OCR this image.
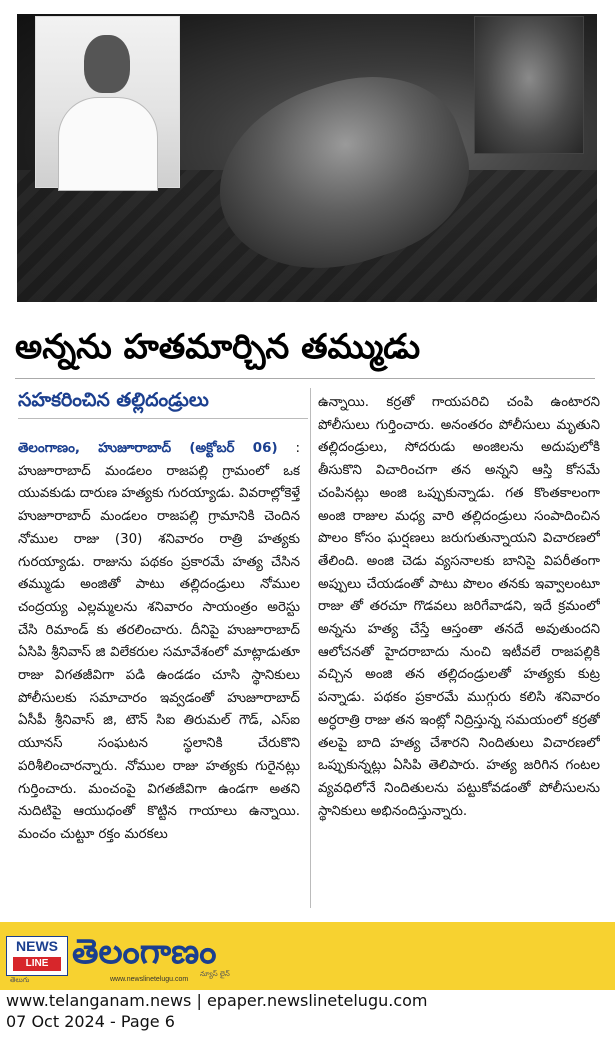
అన్నను హతమార్చిన తమ్ముడు
సహకరించిన తల్లిదండ్రులు
తెలంగాణం, హుజూరాబాద్ (అక్టోబర్ 06) : హుజూరాబాద్ మండలం రాజపల్లి గ్రామంలో ఒక యువకుడు దారుణ హత్యకు గురయ్యాడు. వివరాల్లోకెళ్తే హుజూరాబాద్ మండలం రాజపల్లి గ్రామానికి చెందిన నోముల రాజు (30) శనివారం రాత్రి హత్యకు గురయ్యాడు. రాజును పథకం ప్రకారమే హత్య చేసిన తమ్ముడు అంజితో పాటు తల్లిదండ్రులు నోముల చంద్రయ్య ఎల్లమ్మలను శనివారం సాయంత్రం అరెస్టు చేసి రిమాండ్ కు తరలించారు. దీనిపై హుజూరాబాద్ ఏసిపి శ్రీనివాస్ జి విలేకరుల సమావేశంలో మాట్లాడుతూ రాజు విగతజీవిగా పడి ఉండడం చూసి స్థానికులు పోలీసులకు సమాచారం ఇవ్వడంతో హుజూరాబాద్ ఏసీపీ శ్రీనివాస్ జి, టౌన్ సిఐ తిరుమల్ గౌడ్, ఎస్ఐ యూనస్ సంఘటన స్థలానికి చేరుకొని పరిశీలించారన్నారు. నోముల రాజు హత్యకు గురైనట్లు గుర్తించారు. మంచంపై విగతజీవిగా ఉండగా అతని నుదిటిపై ఆయుధంతో కొట్టిన గాయాలు ఉన్నాయి. మంచం చుట్టూ రక్తం మరకలు
ఉన్నాయి. కర్రతో గాయపరిచి చంపి ఉంటారని పోలీసులు గుర్తించారు. అనంతరం పోలీసులు మృతుని తల్లిదండ్రులు, సోదరుడు అంజిలను అదుపులోకి తీసుకొని విచారించగా తన అన్నని ఆస్తి కోసమే చంపినట్లు అంజి ఒప్పుకున్నాడు. గత కొంతకాలంగా అంజి రాజుల మధ్య వారి తల్లిదండ్రులు సంపాదించిన పొలం కోసం ఘర్షణలు జరుగుతున్నాయని విచారణలో తేలింది. అంజి చెడు వ్యసనాలకు బానిసై విపరీతంగా అప్పులు చేయడంతో పాటు పొలం తనకు ఇవ్వాలంటూ రాజు తో తరచూ గొడవలు జరిగేవాడని, ఇదే క్రమంలో అన్నను హత్య చేస్తే ఆస్తంతా తనదే అవుతుందని ఆలోచనతో హైదరాబాదు నుంచి ఇటీవలే రాజపల్లికి వచ్చిన అంజి తన తల్లిదండ్రులతో హత్యకు కుట్ర పన్నాడు. పథకం ప్రకారమే ముగ్గురు కలిసి శనివారం అర్ధరాత్రి రాజు తన ఇంట్లో నిద్రిస్తున్న సమయంలో కర్రతో తలపై బాది హత్య చేశారని నిందితులు విచారణలో ఒప్పుకున్నట్లు ఏసిపి తెలిపారు. హత్య జరిగిన గంటల వ్యవధిలోనే నిందితులను పట్టుకోవడంతో పోలీసులను స్థానికులు అభినందిస్తున్నారు.
NEWS
LINE
తెలుగు
తెలంగాణం
న్యూస్ లైన్
www.newslinetelugu.com
www.telanganam.news | epaper.newslinetelugu.com
07 Oct 2024 - Page 6
